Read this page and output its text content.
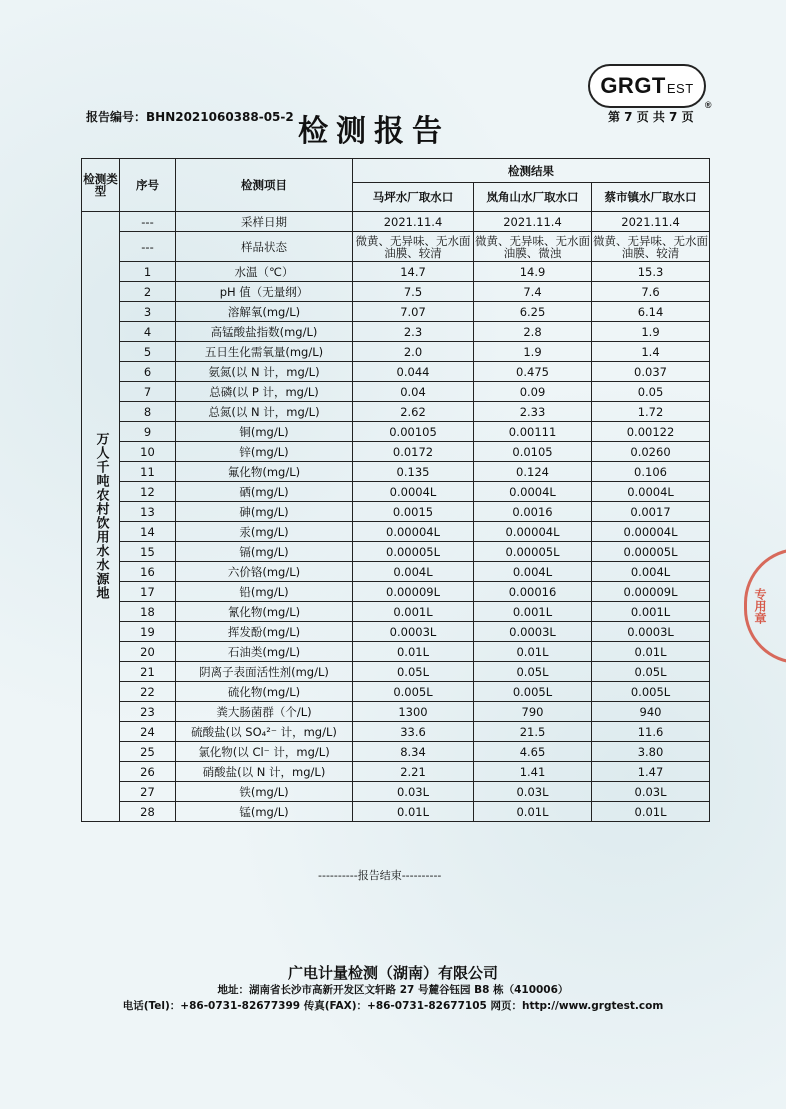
GRGT EST
®
报告编号：BHN2021060388-05-2 检测报告	第 7 页 共 7 页
检测类型	序号	检测项目	检测结果		
			马坪水厂取水口	岚角山水厂取水口	蔡市镇水厂取水口
万人千吨农村饮用水水源地	---	采样日期	2021.11.4	2021.11.4	2021.11.4
	---	样品状态	微黄、无异味、无水面油膜、较清	微黄、无异味、无水面油膜、微浊	微黄、无异味、无水面油膜、较清
	1	水温（℃）	14.7	14.9	15.3
	2	pH 值（无量纲）	7.5	7.4	7.6
	3	溶解氧(mg/L)	7.07	6.25	6.14
	4	高锰酸盐指数(mg/L)	2.3	2.8	1.9
	5	五日生化需氧量(mg/L)	2.0	1.9	1.4
	6	氨氮(以 N 计，mg/L)	0.044	0.475	0.037
	7	总磷(以 P 计，mg/L)	0.04	0.09	0.05
	8	总氮(以 N 计，mg/L)	2.62	2.33	1.72
	9	铜(mg/L)	0.00105	0.00111	0.00122
	10	锌(mg/L)	0.0172	0.0105	0.0260
	11	氟化物(mg/L)	0.135	0.124	0.106
	12	硒(mg/L)	0.0004L	0.0004L	0.0004L
	13	砷(mg/L)	0.0015	0.0016	0.0017
	14	汞(mg/L)	0.00004L	0.00004L	0.00004L
	15	镉(mg/L)	0.00005L	0.00005L	0.00005L
	16	六价铬(mg/L)	0.004L	0.004L	0.004L
	17	铅(mg/L)	0.00009L	0.00016	0.00009L
	18	氰化物(mg/L)	0.001L	0.001L	0.001L
	19	挥发酚(mg/L)	0.0003L	0.0003L	0.0003L
	20	石油类(mg/L)	0.01L	0.01L	0.01L
	21	阴离子表面活性剂(mg/L)	0.05L	0.05L	0.05L
	22	硫化物(mg/L)	0.005L	0.005L	0.005L
	23	粪大肠菌群（个/L)	1300	790	940
	24	硫酸盐(以 SO₄²⁻ 计，mg/L)	33.6	21.5	11.6
	25	氯化物(以 Cl⁻ 计，mg/L)	8.34	4.65	3.80
	26	硝酸盐(以 N 计，mg/L)	2.21	1.41	1.47
	27	铁(mg/L)	0.03L	0.03L	0.03L
	28	锰(mg/L)	0.01L	0.01L	0.01L
----------报告结束----------
广电计量检测（湖南）有限公司
地址：湖南省长沙市高新开发区文轩路 27 号麓谷钰园 B8 栋（410006）
电话(Tel)：+86-0731-82677399 传真(FAX)：+86-0731-82677105 网页：http://www.grgtest.com
专用章
